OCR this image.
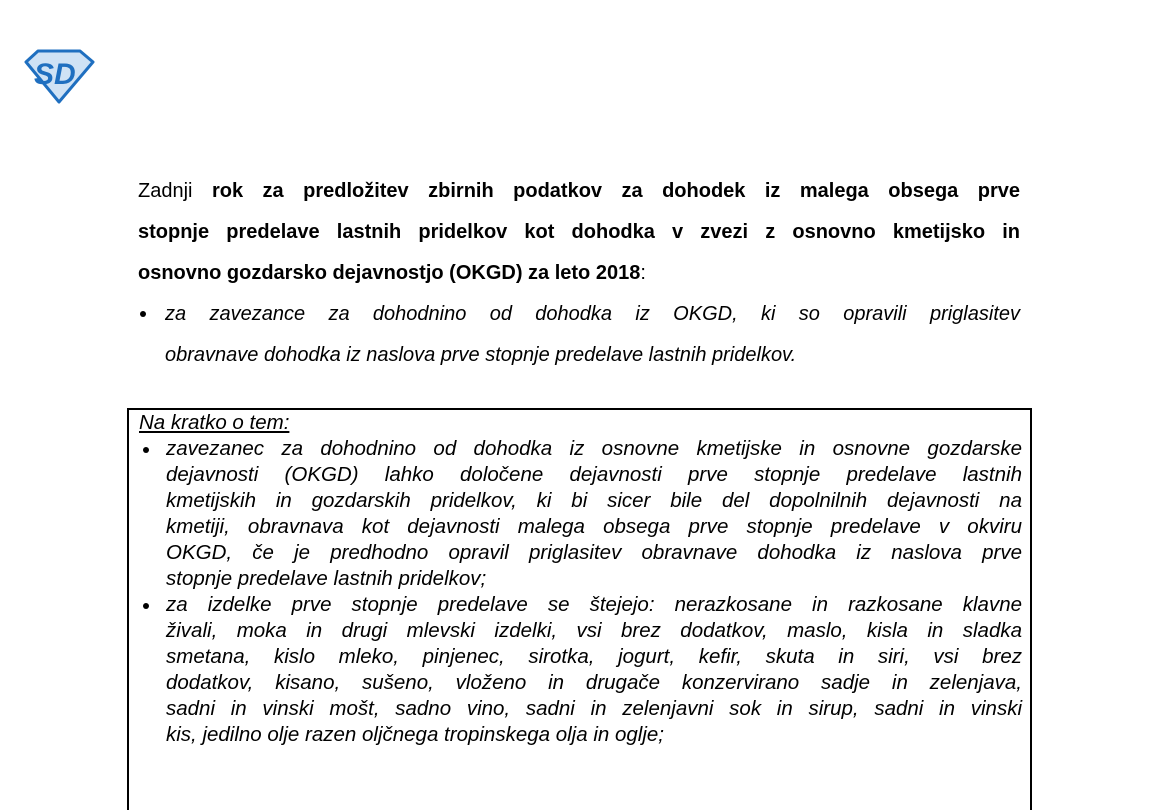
SD
Zadnji rok za predložitev zbirnih podatkov za dohodek iz malega obsega prve
stopnje predelave lastnih pridelkov kot dohodka v zvezi z osnovno kmetijsko in
osnovno gozdarsko dejavnostjo (OKGD) za leto 2018:
za zavezance za dohodnino od dohodka iz OKGD, ki so opravili priglasitev
obravnave dohodka iz naslova prve stopnje predelave lastnih pridelkov.
Na kratko o tem:
zavezanec za dohodnino od dohodka iz osnovne kmetijske in osnovne gozdarske
dejavnosti (OKGD) lahko določene dejavnosti prve stopnje predelave lastnih
kmetijskih in gozdarskih pridelkov, ki bi sicer bile del dopolnilnih dejavnosti na
kmetiji, obravnava kot dejavnosti malega obsega prve stopnje predelave v okviru
OKGD, če je predhodno opravil priglasitev obravnave dohodka iz naslova prve
stopnje predelave lastnih pridelkov;
za izdelke prve stopnje predelave se štejejo: nerazkosane in razkosane klavne
živali, moka in drugi mlevski izdelki, vsi brez dodatkov, maslo, kisla in sladka
smetana, kislo mleko, pinjenec, sirotka, jogurt, kefir, skuta in siri, vsi brez
dodatkov, kisano, sušeno, vloženo in drugače konzervirano sadje in zelenjava,
sadni in vinski mošt, sadno vino, sadni in zelenjavni sok in sirup, sadni in vinski
kis, jedilno olje razen oljčnega tropinskega olja in oglje;
